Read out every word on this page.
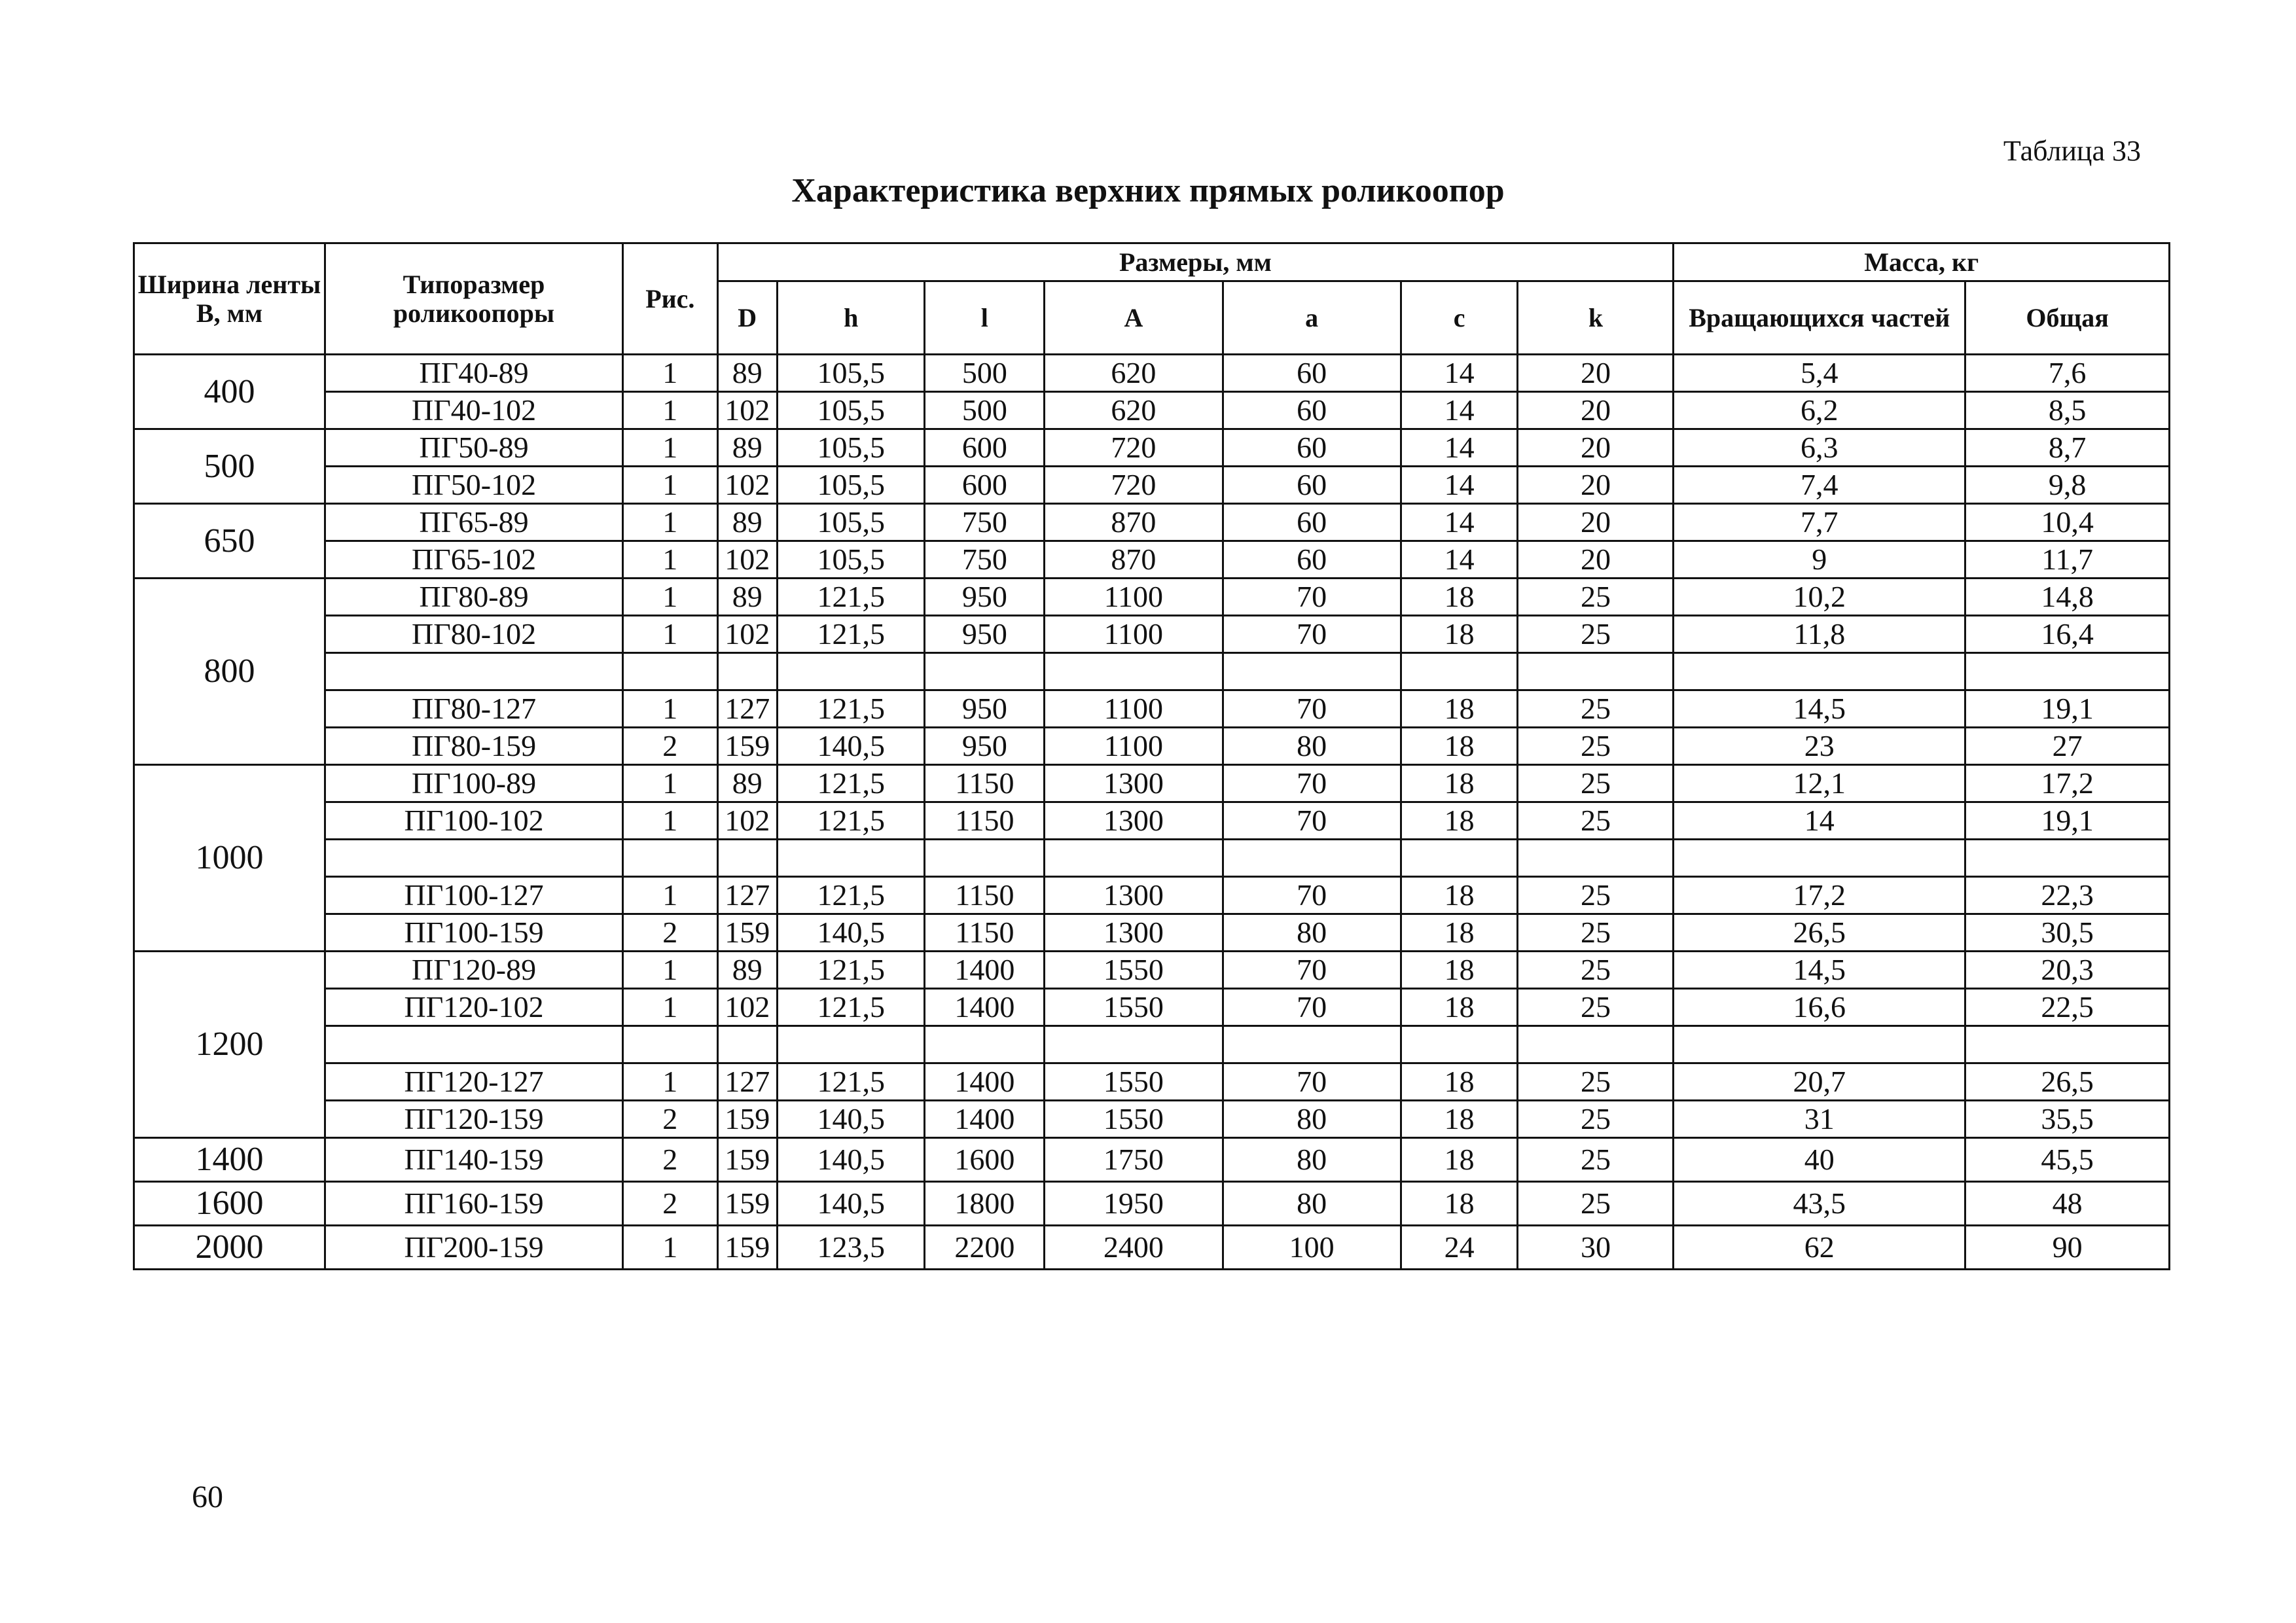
Таблица 33
Характеристика верхних прямых роликоопор
Ширина ленты В, мм	Типоразмер роликоопоры	Рис.	Размеры, мм							Масса, кг	
			D	h	l	A	a	c	k	Вращающихся частей	Общая
400	ПГ40-89	1	89	105,5	500	620	60	14	20	5,4	7,6
	ПГ40-102	1	102	105,5	500	620	60	14	20	6,2	8,5
500	ПГ50-89	1	89	105,5	600	720	60	14	20	6,3	8,7
	ПГ50-102	1	102	105,5	600	720	60	14	20	7,4	9,8
650	ПГ65-89	1	89	105,5	750	870	60	14	20	7,7	10,4
	ПГ65-102	1	102	105,5	750	870	60	14	20	9	11,7
800	ПГ80-89	1	89	121,5	950	1100	70	18	25	10,2	14,8
	ПГ80-102	1	102	121,5	950	1100	70	18	25	11,8	16,4

	ПГ80-127	1	127	121,5	950	1100	70	18	25	14,5	19,1
	ПГ80-159	2	159	140,5	950	1100	80	18	25	23	27
1000	ПГ100-89	1	89	121,5	1150	1300	70	18	25	12,1	17,2
	ПГ100-102	1	102	121,5	1150	1300	70	18	25	14	19,1

	ПГ100-127	1	127	121,5	1150	1300	70	18	25	17,2	22,3
	ПГ100-159	2	159	140,5	1150	1300	80	18	25	26,5	30,5
1200	ПГ120-89	1	89	121,5	1400	1550	70	18	25	14,5	20,3
	ПГ120-102	1	102	121,5	1400	1550	70	18	25	16,6	22,5

	ПГ120-127	1	127	121,5	1400	1550	70	18	25	20,7	26,5
	ПГ120-159	2	159	140,5	1400	1550	80	18	25	31	35,5
1400	ПГ140-159	2	159	140,5	1600	1750	80	18	25	40	45,5
1600	ПГ160-159	2	159	140,5	1800	1950	80	18	25	43,5	48
2000	ПГ200-159	1	159	123,5	2200	2400	100	24	30	62	90
60
